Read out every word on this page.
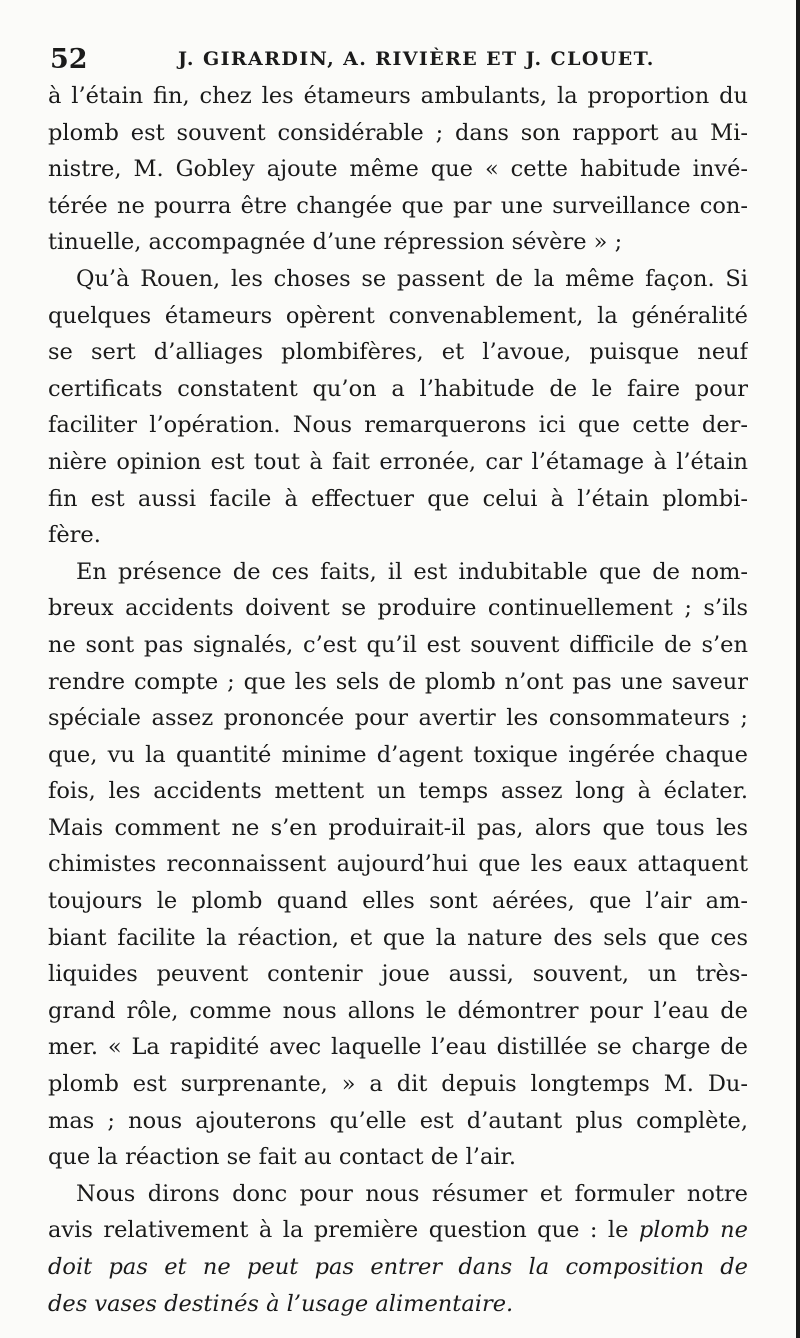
52	J. GIRARDIN, A. RIVIÈRE ET J. CLOUET.
à l’étain fin, chez les étameurs ambulants, la proportion du
plomb est souvent considérable ; dans son rapport au Mi-
nistre, M. Gobley ajoute même que « cette habitude invé-
térée ne pourra être changée que par une surveillance con-
tinuelle, accompagnée d’une répression sévère » ;
Qu’à Rouen, les choses se passent de la même façon. Si
quelques étameurs opèrent convenablement, la généralité
se sert d’alliages plombifères, et l’avoue, puisque neuf
certificats constatent qu’on a l’habitude de le faire pour
faciliter l’opération. Nous remarquerons ici que cette der-
nière opinion est tout à fait erronée, car l’étamage à l’étain
fin est aussi facile à effectuer que celui à l’étain plombi-
fère.
En présence de ces faits, il est indubitable que de nom-
breux accidents doivent se produire continuellement ; s’ils
ne sont pas signalés, c’est qu’il est souvent difficile de s’en
rendre compte ; que les sels de plomb n’ont pas une saveur
spéciale assez prononcée pour avertir les consommateurs ;
que, vu la quantité minime d’agent toxique ingérée chaque
fois, les accidents mettent un temps assez long à éclater.
Mais comment ne s’en produirait-il pas, alors que tous les
chimistes reconnaissent aujourd’hui que les eaux attaquent
toujours le plomb quand elles sont aérées, que l’air am-
biant facilite la réaction, et que la nature des sels que ces
liquides peuvent contenir joue aussi, souvent, un très-
grand rôle, comme nous allons le démontrer pour l’eau de
mer. « La rapidité avec laquelle l’eau distillée se charge de
plomb est surprenante, » a dit depuis longtemps M. Du-
mas ; nous ajouterons qu’elle est d’autant plus complète,
que la réaction se fait au contact de l’air.
Nous dirons donc pour nous résumer et formuler notre
avis relativement à la première question que : le plomb ne
doit pas et ne peut pas entrer dans la composition de
des vases destinés à l’usage alimentaire.
